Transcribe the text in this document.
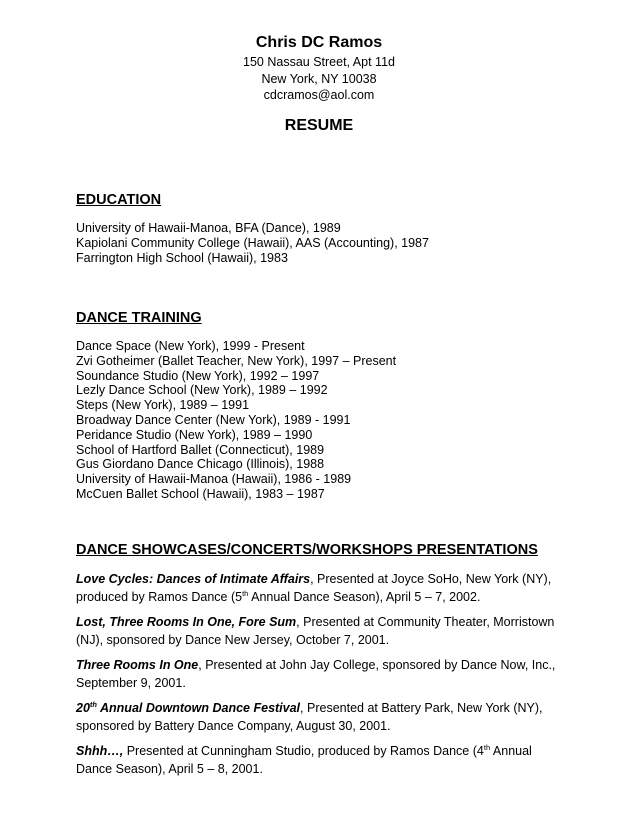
Chris DC Ramos
150 Nassau Street, Apt 11d
New York, NY 10038
cdcramos@aol.com
RESUME
EDUCATION
University of Hawaii-Manoa, BFA (Dance), 1989
Kapiolani Community College (Hawaii), AAS (Accounting), 1987
Farrington High School (Hawaii), 1983
DANCE TRAINING
Dance Space (New York), 1999 - Present
Zvi Gotheimer (Ballet Teacher, New York), 1997 – Present
Soundance Studio (New York), 1992 – 1997
Lezly Dance School (New York), 1989 – 1992
Steps (New York), 1989 – 1991
Broadway Dance Center (New York), 1989 - 1991
Peridance Studio (New York), 1989 – 1990
School of Hartford Ballet (Connecticut), 1989
Gus Giordano Dance Chicago (Illinois), 1988
University of Hawaii-Manoa (Hawaii), 1986 - 1989
McCuen Ballet School (Hawaii), 1983 – 1987
DANCE SHOWCASES/CONCERTS/WORKSHOPS PRESENTATIONS
Love Cycles: Dances of Intimate Affairs, Presented at Joyce SoHo, New York (NY),
produced by Ramos Dance (5th Annual Dance Season), April 5 – 7, 2002.
Lost, Three Rooms In One, Fore Sum, Presented at Community Theater, Morristown
(NJ), sponsored by Dance New Jersey, October 7, 2001.
Three Rooms In One, Presented at John Jay College, sponsored by Dance Now, Inc.,
September 9, 2001.
20th Annual Downtown Dance Festival, Presented at Battery Park, New York (NY),
sponsored by Battery Dance Company, August 30, 2001.
Shhh…, Presented at Cunningham Studio, produced by Ramos Dance (4th Annual
Dance Season), April 5 – 8, 2001.
